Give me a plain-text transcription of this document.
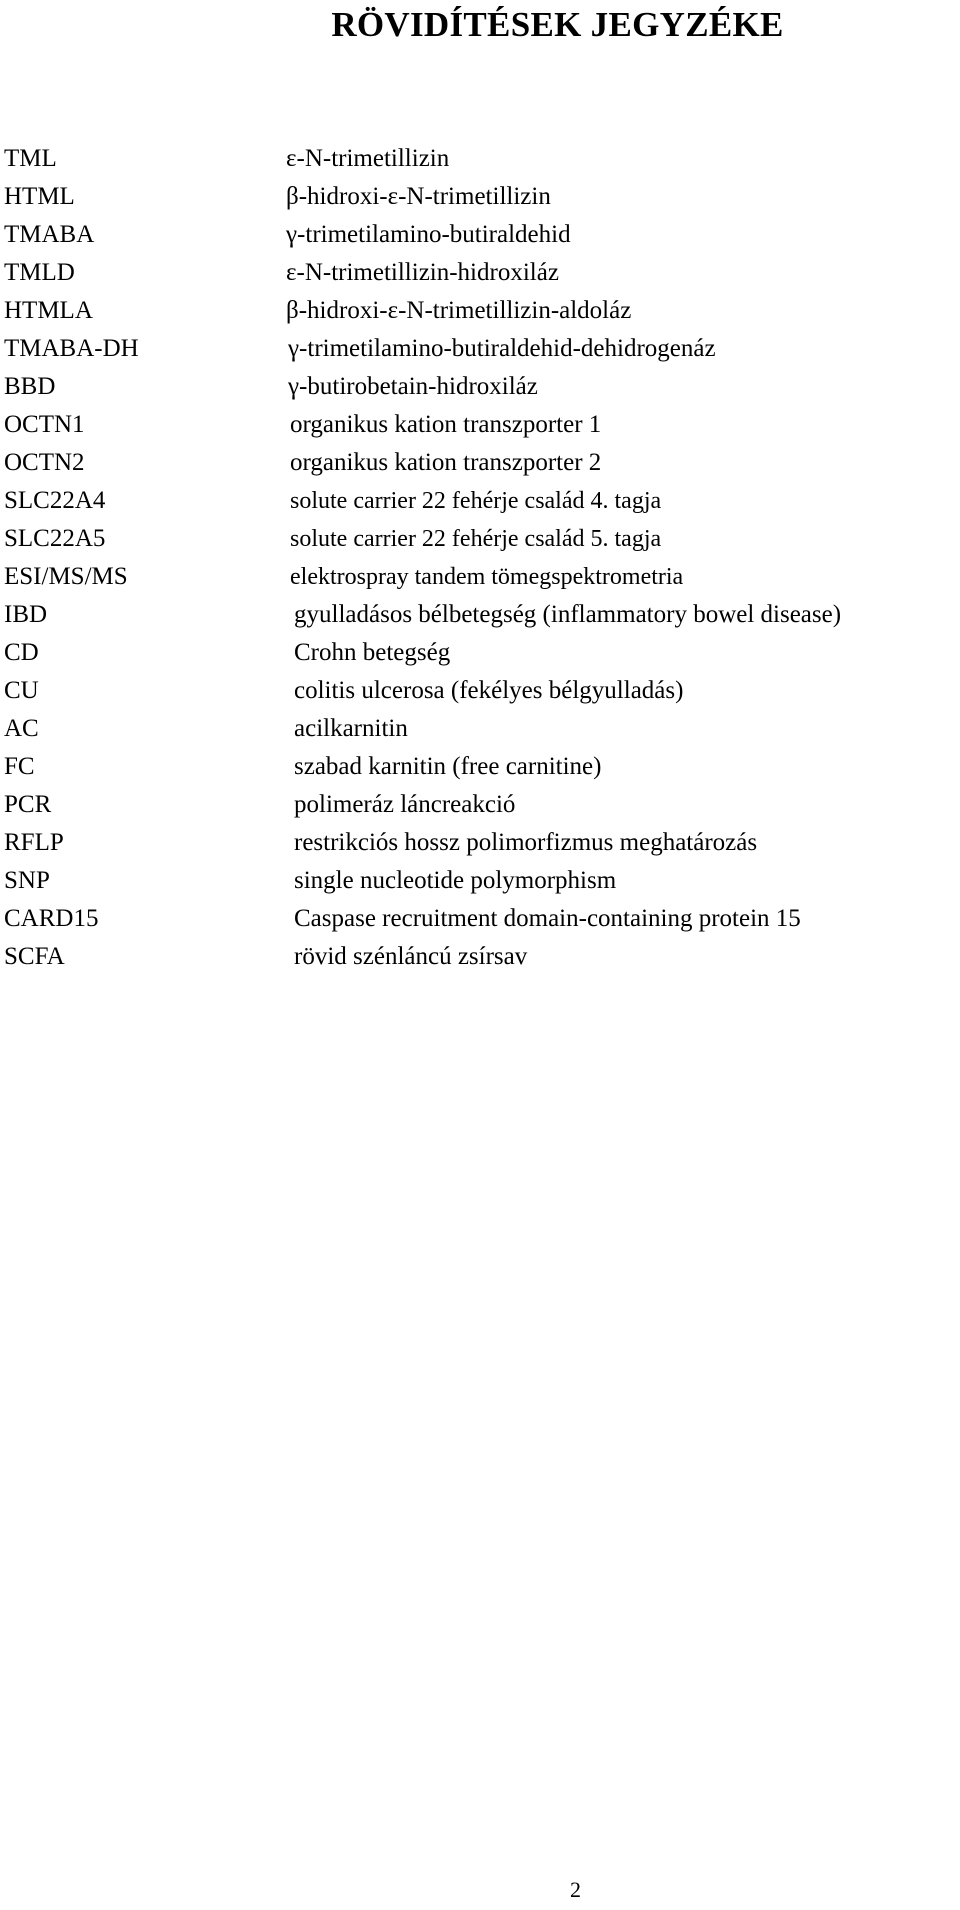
RÖVIDÍTÉSEK JEGYZÉKE
TML	ε-N-trimetillizin
HTML	β-hidroxi-ε-N-trimetillizin
TMABA	γ-trimetilamino-butiraldehid
TMLD	ε-N-trimetillizin-hidroxiláz
HTMLA	β-hidroxi-ε-N-trimetillizin-aldoláz
TMABA-DH	γ-trimetilamino-butiraldehid-dehidrogenáz
BBD	γ-butirobetain-hidroxiláz
OCTN1	organikus kation transzporter 1
OCTN2	organikus kation transzporter 2
SLC22A4	solute carrier 22 fehérje család 4. tagja
SLC22A5	solute carrier 22 fehérje család 5. tagja
ESI/MS/MS	elektrospray tandem tömegspektrometria
IBD	gyulladásos bélbetegség (inflammatory bowel disease)
CD	Crohn betegség
CU	colitis ulcerosa (fekélyes bélgyulladás)
AC	acilkarnitin
FC	szabad karnitin (free carnitine)
PCR	polimeráz láncreakció
RFLP	restrikciós hossz polimorfizmus meghatározás
SNP	single nucleotide polymorphism
CARD15	Caspase recruitment domain-containing protein 15
SCFA	rövid szénláncú zsírsav
2
